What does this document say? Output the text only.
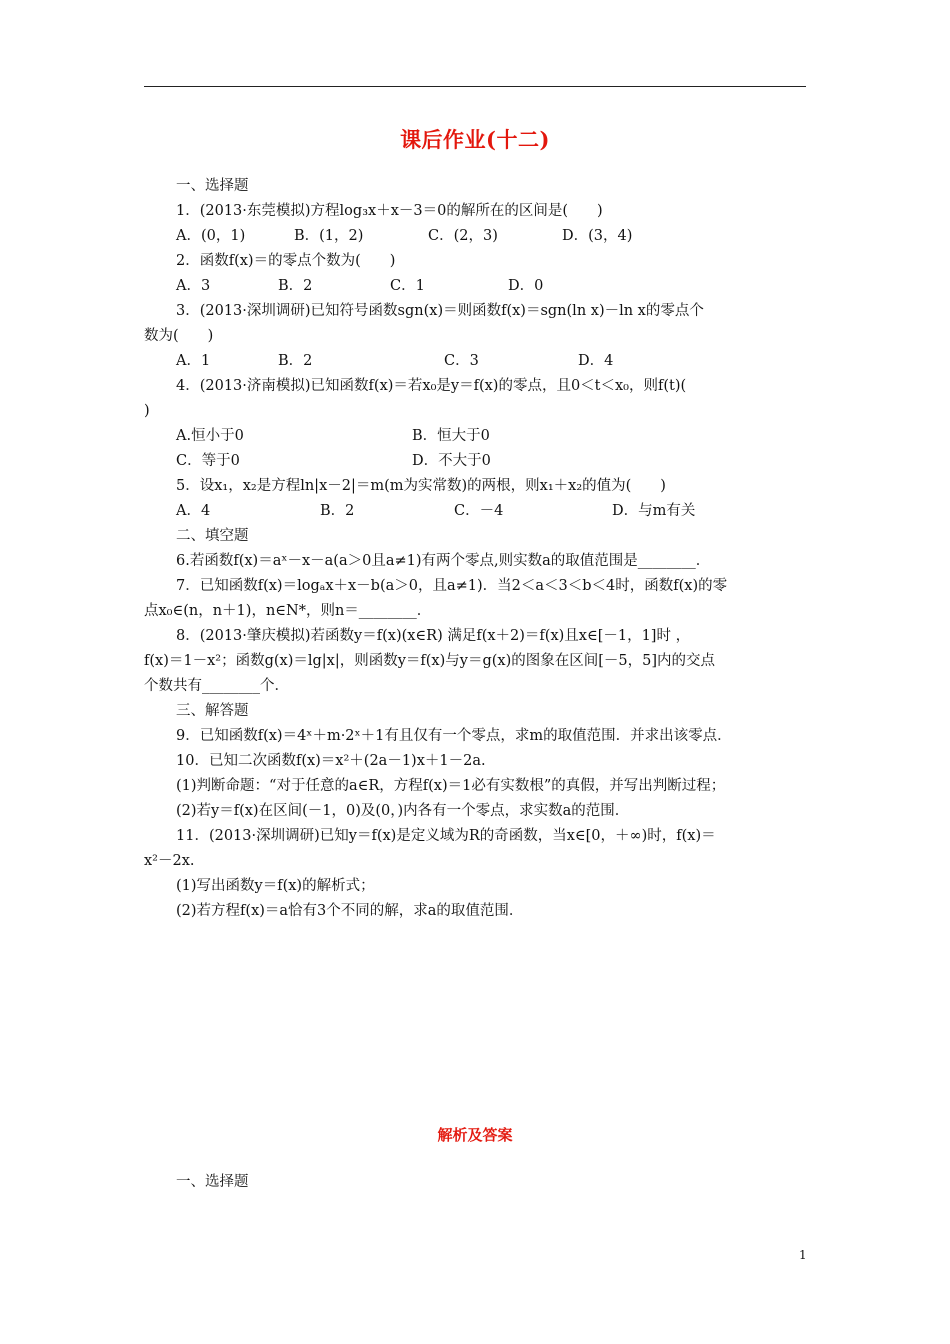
课后作业(十二)
一、选择题
1．(2013·东莞模拟)方程log₃x＋x－3＝0的解所在的区间是(　　)
A．(0，1)	B．(1，2)	C．(2，3)	D．(3，4)
2．函数f(x)＝的零点个数为(　　)
A．3	B．2	C．1	D．0
3．(2013·深圳调研)已知符号函数sgn(x)＝则函数f(x)＝sgn(ln x)－ln x的零点个
数为(　　)
A．1	B．2	C．3	D．4
4．(2013·济南模拟)已知函数f(x)＝若x₀是y＝f(x)的零点，且0＜t＜x₀，则f(t)(
)
A.恒小于0	B．恒大于0
C．等于0	D．不大于0
5．设x₁，x₂是方程ln|x－2|＝m(m为实常数)的两根，则x₁＋x₂的值为(　　)
A．4	B．2	C．－4	D．与m有关
二、填空题
6.若函数f(x)＝aˣ－x－a(a＞0且a≠1)有两个零点,则实数a的取值范围是________．
7．已知函数f(x)＝logₐx＋x－b(a＞0，且a≠1)．当2＜a＜3＜b＜4时，函数f(x)的零
点x₀∈(n，n＋1)，n∈N*，则n＝________．
8．(2013·肇庆模拟)若函数y＝f(x)(x∈R) 满足f(x＋2)＝f(x)且x∈[－1，1]时 ，
f(x)＝1－x²；函数g(x)＝lg|x|，则函数y＝f(x)与y＝g(x)的图象在区间[－5，5]内的交点
个数共有________个．
三、解答题
9．已知函数f(x)＝4ˣ＋m·2ˣ＋1有且仅有一个零点，求m的取值范围．并求出该零点．
10．已知二次函数f(x)＝x²＋(2a－1)x＋1－2a.
(1)判断命题：“对于任意的a∈R，方程f(x)＝1必有实数根”的真假，并写出判断过程；
(2)若y＝f(x)在区间(－1，0)及(0，)内各有一个零点，求实数a的范围．
11．(2013·深圳调研)已知y＝f(x)是定义域为R的奇函数，当x∈[0，＋∞)时，f(x)＝
x²－2x.
(1)写出函数y＝f(x)的解析式；
(2)若方程f(x)＝a恰有3个不同的解，求a的取值范围．
解析及答案
一、选择题
1
